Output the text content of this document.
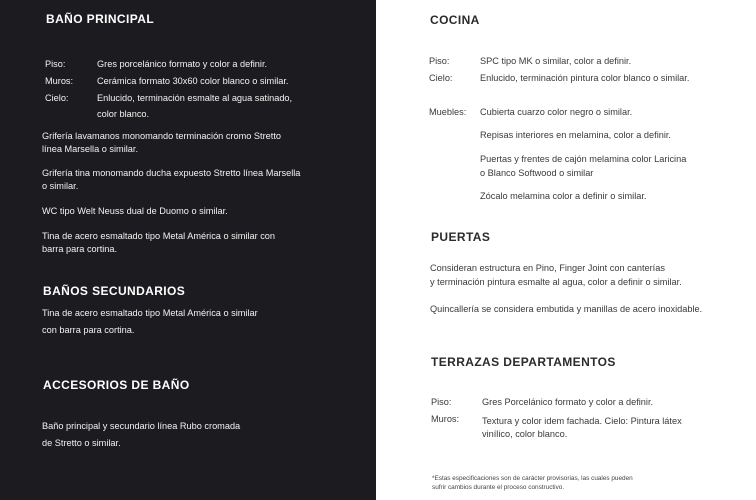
BAÑO PRINCIPAL
Piso:	Gres porcelánico formato y color a definir.
Muros:	Cerámica formato 30x60 color blanco o similar.
Cielo:	Enlucido, terminación esmalte al agua satinado,
color blanco.
Grifería lavamanos monomando terminación cromo Stretto
línea Marsella o similar.
Grifería tina monomando ducha expuesto Stretto línea Marsella
o similar.
WC tipo Welt Neuss dual de Duomo o similar.
Tina de acero esmaltado tipo Metal América o similar con
barra para cortina.
BAÑOS SECUNDARIOS
Tina de acero esmaltado tipo Metal América o similar
con barra para cortina.
ACCESORIOS DE BAÑO
Baño principal y secundario línea Rubo cromada
de Stretto o similar.
COCINA
Piso:	SPC tipo MK o similar, color a definir.
Cielo:	Enlucido, terminación pintura color blanco o similar.
Muebles: Cubierta cuarzo color negro o similar.
Repisas interiores en melamina, color a definir.
Puertas y frentes de cajón melamina color Laricina
o Blanco Softwood o similar
Zócalo melamina color a definir o similar.
PUERTAS
Consideran estructura en Pino, Finger Joint con canterías
y terminación pintura esmalte al agua, color a definir o similar.
Quincallería se considera embutida y manillas de acero inoxidable.
TERRAZAS DEPARTAMENTOS
Piso:	Gres Porcelánico formato y color a definir.
Muros: Textura y color idem fachada. Cielo: Pintura látex
vinílico, color blanco.
*Estas especificaciones son de carácter provisorias, las cuales pueden
sufrir cambios durante el proceso constructivo.
